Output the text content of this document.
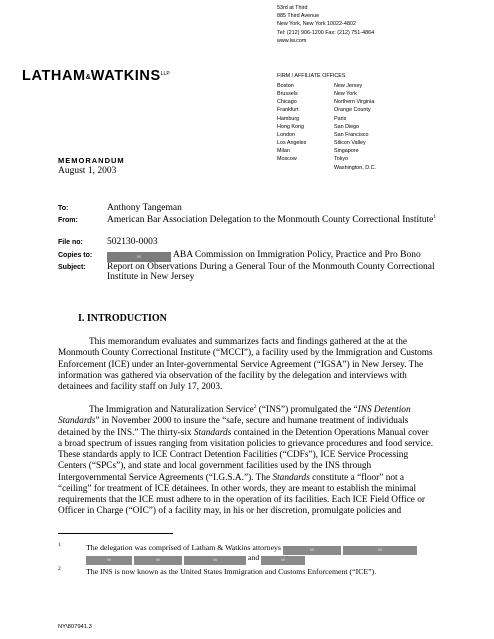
$LATHAM\&WATKINS^{LLP}$
53rd at Third
885 Third Avenue
New York, New York 10022-4802
Tel: (212) 906-1200 Fax: (212) 751-4864
www.lw.com
FIRM / AFFILIATE OFFICES
Boston
Brussels
Chicago
Frankfurt
Hamburg
Hong Kong
London
Los Angeles
Milan
Moscow
New Jersey
New York
Northern Virginia
Orange County
Paris
San Diego
San Francisco
Silicon Valley
Singapore
Tokyo
Washington, D.C.
MEMORANDUM
August 1, 2003
To:	Anthony Tangeman
From:	American Bar Association Delegation to the Monmouth County Correctional Institute$^1$
File no:	502130-0003
Copies to:	b6	ABA Commission on Immigration Policy, Practice and Pro Bono
Subject: Report on Observations During a General Tour of the Monmouth County Correctional Institute in New Jersey
I. INTRODUCTION

This memorandum evaluates and summarizes facts and findings gathered at the at the Monmouth County Correctional Institute (“MCCI”), a facility used by the Immigration and Customs Enforcement (ICE) under an Inter-governmental Service Agreement (“IGSA”) in New Jersey. The information was gathered via observation of the facility by the delegation and interviews with detainees and facility staff on July 17, 2003.

The Immigration and Naturalization Service$^2$ (“INS”) promulgated the “INS Detention Standards” in November 2000 to insure the “safe, secure and humane treatment of individuals detained by the INS.” The thirty-six Standards contained in the Detention Operations Manual cover a broad spectrum of issues ranging from visitation policies to grievance procedures and food service. These standards apply to ICE Contract Detention Facilities (“CDFs”), ICE Service Processing Centers (“SPCs”), and state and local government facilities used by the INS through Intergovernmental Service Agreements (“I.G.S.A.”). The Standards constitute a “floor” not a “ceiling” for treatment of ICE detainees. In other words, they are meant to establish the minimal requirements that the ICE must adhere to in the operation of its facilities. Each ICE Field Office or Officer in Charge (“OIC”) of a facility may, in his or her discretion, promulgate policies and

1	The delegation was comprised of Latham & Watkins attorneys	b6	b6
b6	b6	b6	and	b6
2	The INS is now known as the United States Immigration and Customs Enforcement (“ICE”).
NY\807941.3
